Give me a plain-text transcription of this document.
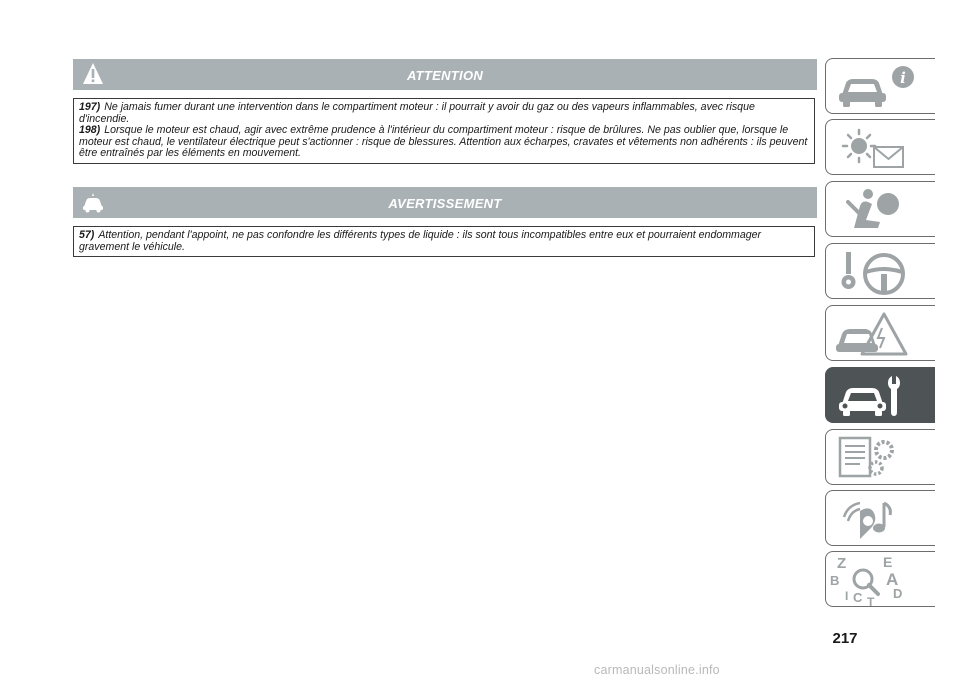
ATTENTION

197) Ne jamais fumer durant une intervention dans le compartiment moteur : il pourrait y avoir du gaz ou des vapeurs inflammables, avec risque d'incendie.

198) Lorsque le moteur est chaud, agir avec extrême prudence à l'intérieur du compartiment moteur : risque de brûlures. Ne pas oublier que, lorsque le moteur est chaud, le ventilateur électrique peut s'actionner : risque de blessures. Attention aux écharpes, cravates et vêtements non adhérents : ils peuvent être entraînés par les éléments en mouvement.

AVERTISSEMENT

57) Attention, pendant l'appoint, ne pas confondre les différents types de liquide : ils sont tous incompatibles entre eux et pourraient endommager gravement le véhicule.

i
Z	E
B	A
C D
T
I
217
carmanualsonline.info
